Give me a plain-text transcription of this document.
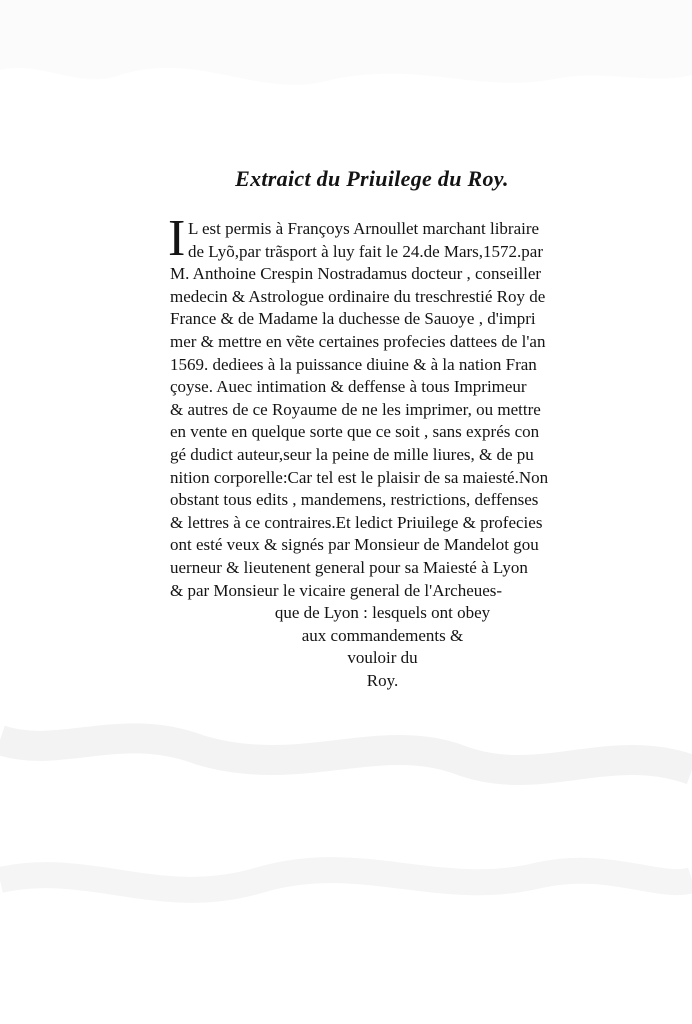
Extraict du Priuilege du Roy.
I L est permis à Françoys Arnoullet marchant libraire
de Lyõ,par trãsport à luy fait le 24.de Mars,1572.par
M. Anthoine Crespin Nostradamus docteur , conseiller
medecin & Astrologue ordinaire du treschrestié Roy de
France & de Madame la duchesse de Sauoye , d'impri
mer & mettre en vẽte certaines profecies dattees de l'an
1569. dediees à la puissance diuine & à la nation Fran
çoyse. Auec intimation & deffense à tous Imprimeur
& autres de ce Royaume de ne les imprimer, ou mettre
en vente en quelque sorte que ce soit , sans exprés con
gé dudict auteur,seur la peine de mille liures, & de pu
nition corporelle:Car tel est le plaisir de sa maiesté.Non
obstant tous edits , mandemens, restrictions, deffenses
& lettres à ce contraires.Et ledict Priuilege & profecies
ont esté veux & signés par Monsieur de Mandelot gou
uerneur & lieutenent general pour sa Maiesté à Lyon
& par Monsieur le vicaire general de l'Archeues-
que de Lyon : lesquels ont obey
aux commandements &
vouloir du
Roy.
